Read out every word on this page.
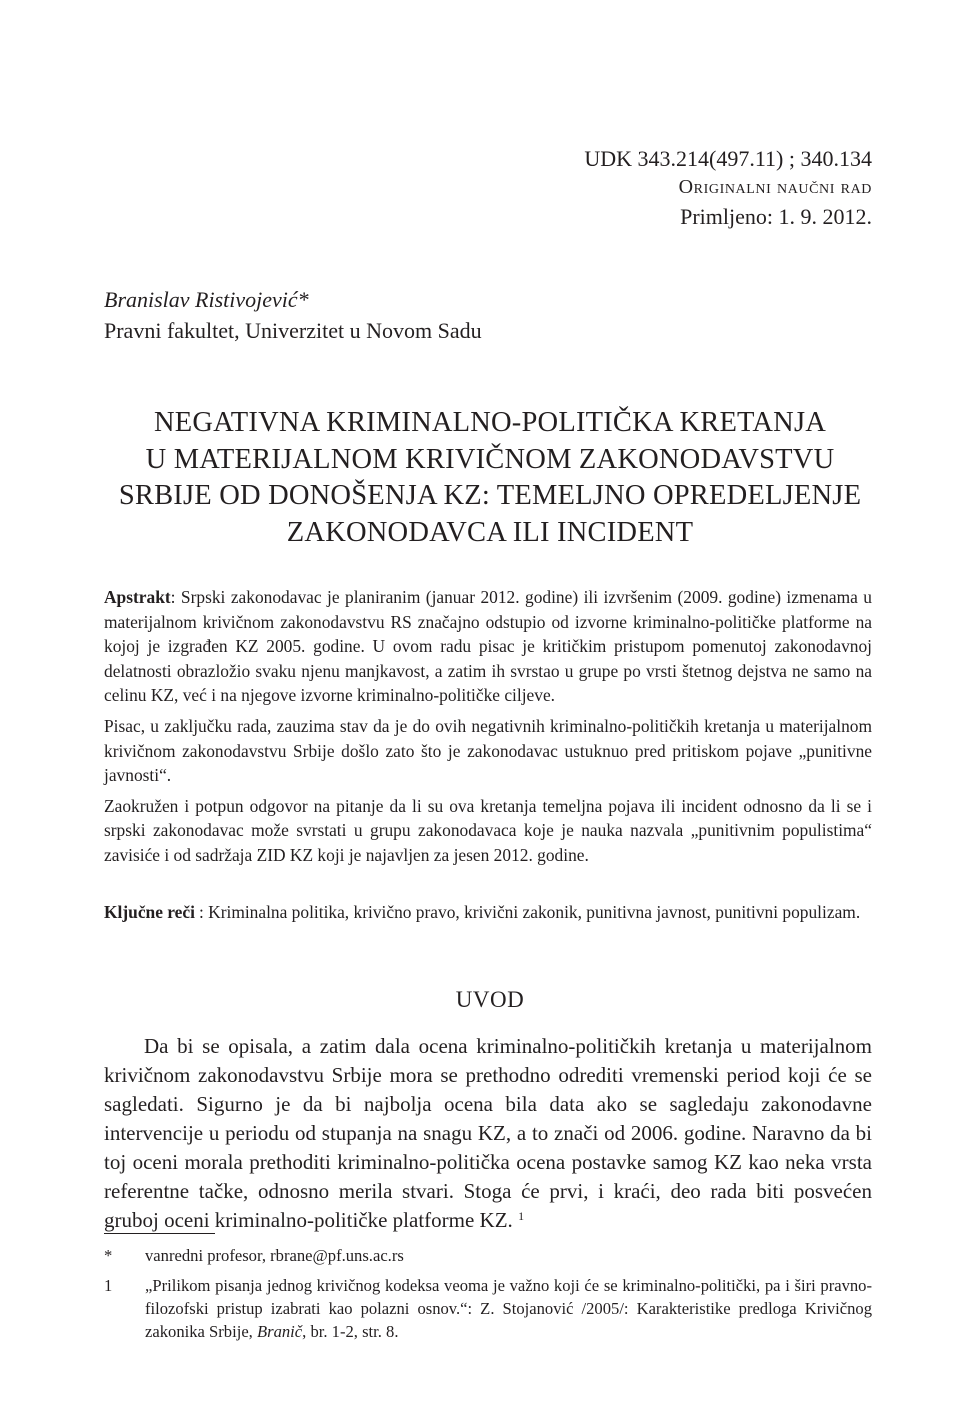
UDK 343.214(497.11) ; 340.134
Originalni naučni rad
Primljeno: 1. 9. 2012.
Branislav Ristivojević*
Pravni fakultet, Univerzitet u Novom Sadu
NEGATIVNA KRIMINALNO-POLITIČKA KRETANJA
U MATERIJALNOM KRIVIČNOM ZAKONODAVSTVU
SRBIJE OD DONOŠENJA KZ: TEMELJNO OPREDELJENJE
ZAKONODAVCA ILI INCIDENT

Apstrakt: Srpski zakonodavac je planiranim (januar 2012. godine) ili izvršenim (2009. godine) izmenama u materijalnom krivičnom zakonodavstvu RS značajno odstupio od izvorne kriminalno-političke platforme na kojoj je izgrađen KZ 2005. godine. U ovom radu pisac je kritičkim pristupom pomenutoj zakonodavnoj delatnosti obrazložio svaku njenu manjkavost, a zatim ih svrstao u grupe po vrsti štetnog dejstva ne samo na celinu KZ, već i na njegove izvorne kriminalno-političke ciljeve.

Pisac, u zaključku rada, zauzima stav da je do ovih negativnih kriminalno-političkih kretanja u materijalnom krivičnom zakonodavstvu Srbije došlo zato što je zakonodavac ustuknuo pred pritiskom pojave „punitivne javnosti“.

Zaokružen i potpun odgovor na pitanje da li su ova kretanja temeljna pojava ili incident odnosno da li se i srpski zakonodavac može svrstati u grupu zakonodavaca koje je nauka nazvala „punitivnim populistima“ zavisiće i od sadržaja ZID KZ koji je najavljen za jesen 2012. godine.

Ključne reči : Kriminalna politika, krivično pravo, krivični zakonik, punitivna javnost, punitivni populizam.
UVOD

Da bi se opisala, a zatim dala ocena kriminalno-političkih kretanja u materijalnom krivičnom zakonodavstvu Srbije mora se prethodno odrediti vremenski period koji će se sagledati. Sigurno je da bi najbolja ocena bila data ako se sagledaju zakonodavne intervencije u periodu od stupanja na snagu KZ, a to znači od 2006. godine. Naravno da bi toj oceni morala prethoditi kriminalno-politička ocena postavke samog KZ kao neka vrsta referentne tačke, odnosno merila stvari. Stoga će prvi, i kraći, deo rada biti posvećen gruboj oceni kriminalno-političke platforme KZ. $^1$

*	vanredni profesor, rbrane@pf.uns.ac.rs
1	„Prilikom pisanja jednog krivičnog kodeksa veoma je važno koji će se kriminalno-politički, pa i širi pravno-filozofski pristup izabrati kao polazni osnov.“: Z. Stojanović /2005/: Karakteristike predloga Krivičnog zakonika Srbije, Branič, br. 1-2, str. 8.
